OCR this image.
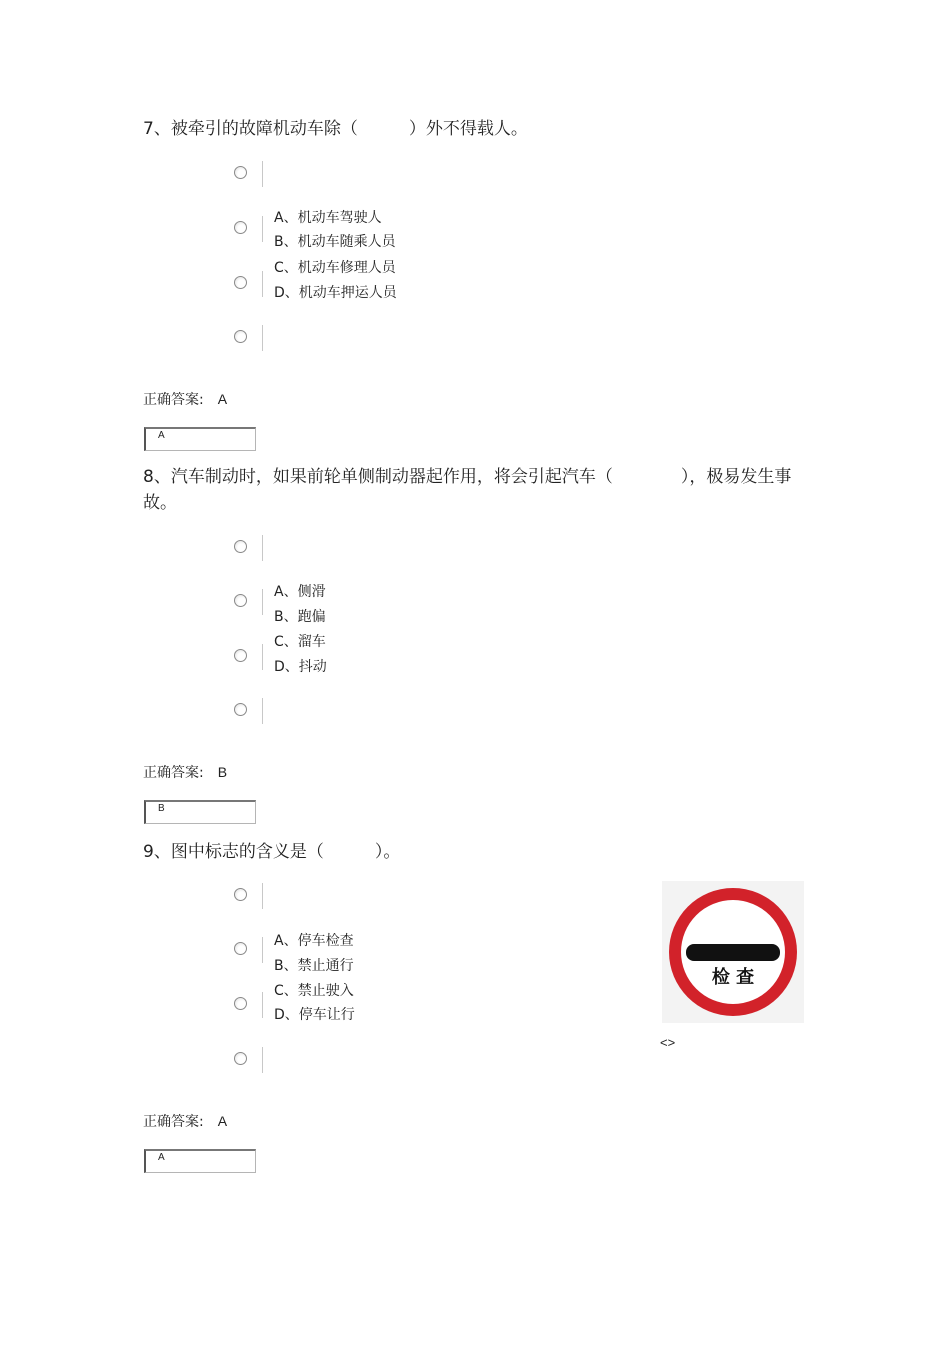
7、被牵引的故障机动车除（　　　）外不得载人。
A、机动车驾驶人
B、机动车随乘人员
C、机动车修理人员
D、机动车押运人员
正确答案: A
A
8、汽车制动时，如果前轮单侧制动器起作用，将会引起汽车（　　　　），极易发生事故。
A、侧滑
B、跑偏
C、溜车
D、抖动
正确答案: B
B
9、图中标志的含义是（　　　）。
A、停车检查
B、禁止通行
C、禁止驶入
D、停车让行
检 查
<>
正确答案: A
A
